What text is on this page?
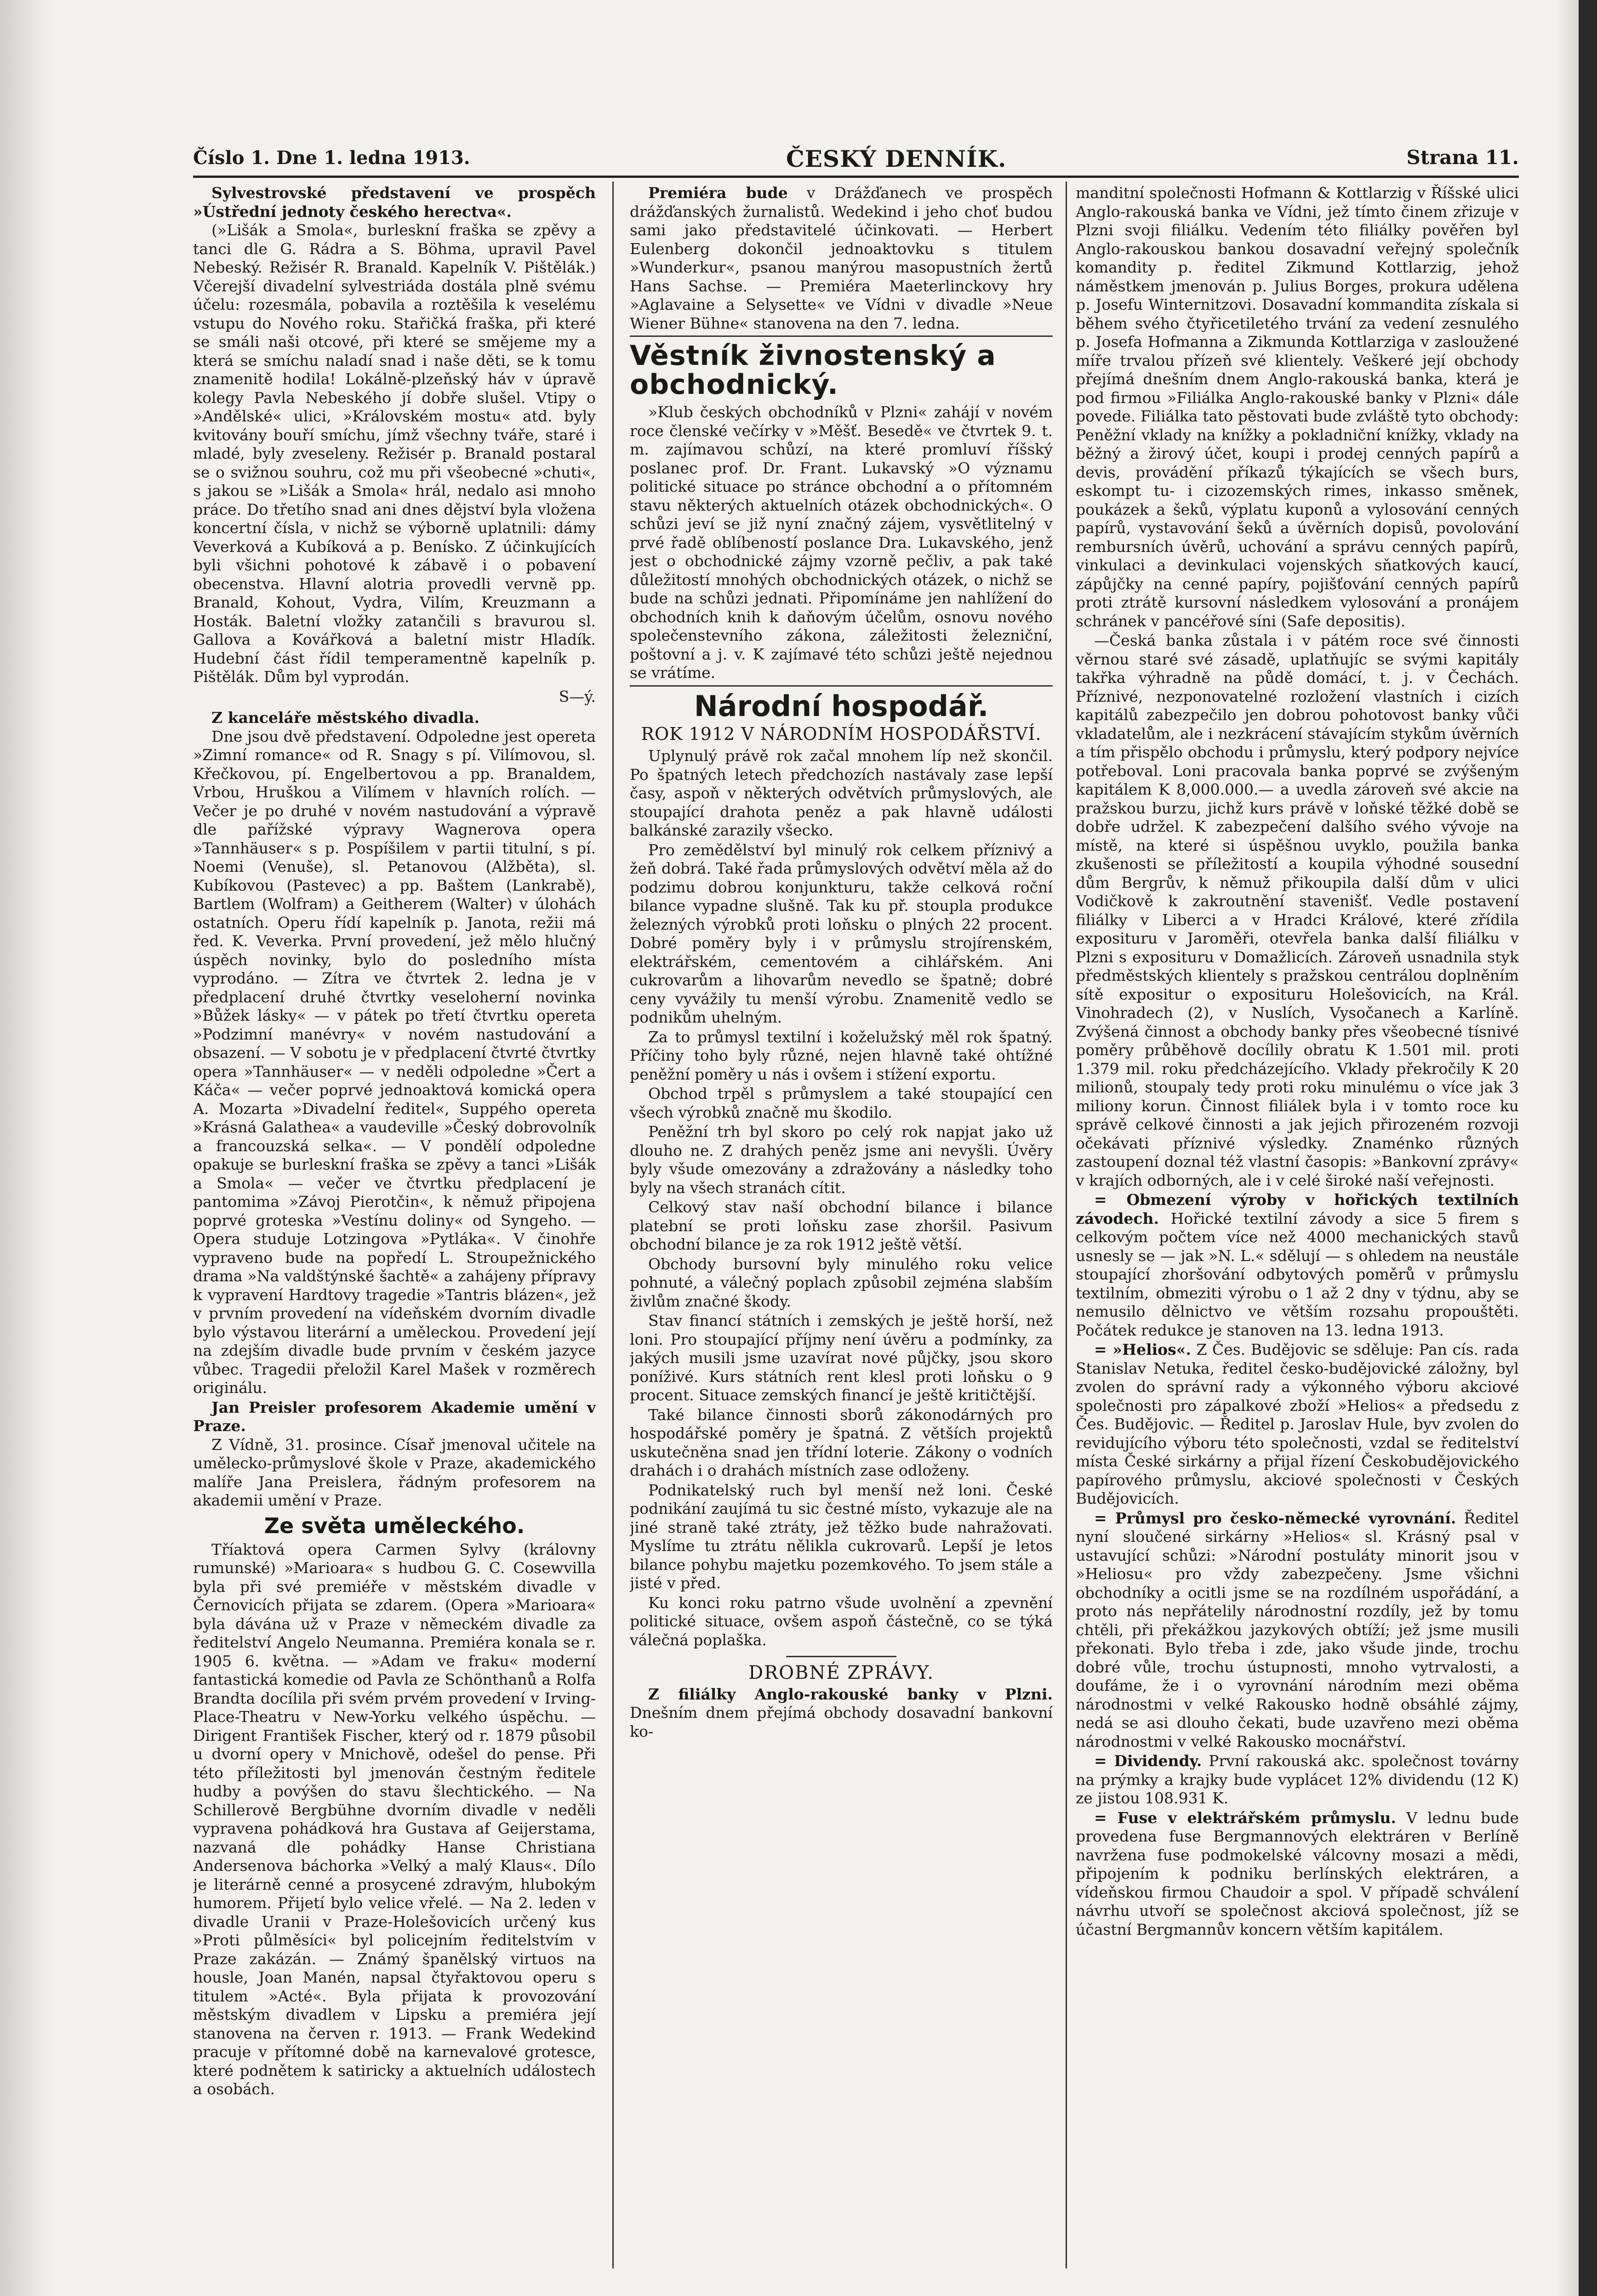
Číslo 1. Dne 1. ledna 1913.	ČESKÝ DENNÍK.	Strana 11.

Sylvestrovské představení ve prospěch »Ústřední jednoty českého herectva«.

(»Lišák a Smola«, burleskní fraška se zpěvy a tanci dle G. Rádra a S. Böhma, upravil Pavel Nebeský. Režisér R. Branald. Kapelník V. Pištělák.) Včerejší divadelní sylvestriáda dostála plně svému účelu: rozesmála, pobavila a roztěšila k veselému vstupu do Nového roku. Stařičká fraška, při které se smáli naši otcové, při které se smějeme my a která se smíchu naladí snad i naše děti, se k tomu znamenitě hodila! Lokálně-plzeňský háv v úpravě kolegy Pavla Nebeského jí dobře slušel. Vtipy o »Andělské« ulici, »Královském mostu« atd. byly kvitovány bouří smíchu, jímž všechny tváře, staré i mladé, byly zveseleny. Režisér p. Branald postaral se o svižnou souhru, což mu při všeobecné »chuti«, s jakou se »Lišák a Smola« hrál, nedalo asi mnoho práce. Do třetího snad ani dnes dějství byla vložena koncertní čísla, v nichž se výborně uplatnili: dámy Veverková a Kubíková a p. Benísko. Z účinkujících byli všichni pohotové k zábavě i o pobavení obecenstva. Hlavní alotria provedli vervně pp. Branald, Kohout, Vydra, Vilím, Kreuzmann a Hosták. Baletní vložky zatančili s bravurou sl. Gallova a Kovářková a baletní mistr Hladík. Hudební část řídil temperamentně kapelník p. Pištělák. Dům byl vyprodán.

S—ý.

Z kanceláře městského divadla.

Dne jsou dvě představení. Odpoledne jest opereta »Zimní romance« od R. Snagy s pí. Vilímovou, sl. Křečkovou, pí. Engelbertovou a pp. Branaldem, Vrbou, Hruškou a Vilímem v hlavních rolích. — Večer je po druhé v novém nastudování a výpravě dle pařížské výpravy Wagnerova opera »Tannhäuser« s p. Pospíšilem v partii titulní, s pí. Noemi (Venuše), sl. Petanovou (Alžběta), sl. Kubíkovou (Pastevec) a pp. Baštem (Lankrabě), Bartlem (Wolfram) a Geitherem (Walter) v úlohách ostatních. Operu řídí kapelník p. Janota, režii má řed. K. Veverka. První provedení, jež mělo hlučný úspěch novinky, bylo do posledního místa vyprodáno. — Zítra ve čtvrtek 2. ledna je v předplacení druhé čtvrtky veseloherní novinka »Bůžek lásky« — v pátek po třetí čtvrtku opereta »Podzimní manévry« v novém nastudování a obsazení. — V sobotu je v předplacení čtvrté čtvrtky opera »Tannhäuser« — v neděli odpoledne »Čert a Káča« — večer poprvé jednoaktová komická opera A. Mozarta »Divadelní ředitel«, Suppého opereta »Krásná Galathea« a vaudeville »Český dobrovolník a francouzská selka«. — V pondělí odpoledne opakuje se burleskní fraška se zpěvy a tanci »Lišák a Smola« — večer ve čtvrtku předplacení je pantomima »Závoj Pierotčin«, k němuž připojena poprvé groteska »Vestínu doliny« od Syngeho. — Opera studuje Lotzingova »Pytláka«. V činohře vypraveno bude na popředí L. Stroupežnického drama »Na valdštýnské šachtě« a zahájeny přípravy k vypravení Hardtovy tragedie »Tantris blázen«, jež v prvním provedení na vídeňském dvorním divadle bylo výstavou literární a uměleckou. Provedení její na zdejším divadle bude prvním v českém jazyce vůbec. Tragedii přeložil Karel Mašek v rozměrech originálu.

Jan Preisler profesorem Akademie umění v Praze.

Z Vídně, 31. prosince. Císař jmenoval učitele na umělecko-průmyslové škole v Praze, akademického malíře Jana Preislera, řádným profesorem na akademii umění v Praze.

Ze světa uměleckého.

Tříaktová opera Carmen Sylvy (královny rumunské) »Marioara« s hudbou G. C. Cosewvilla byla při své premiéře v městském divadle v Černovicích přijata se zdarem. (Opera »Marioara« byla dávána už v Praze v německém divadle za ředitelství Angelo Neumanna. Premiéra konala se r. 1905 6. května. — »Adam ve fraku« moderní fantastická komedie od Pavla ze Schönthanů a Rolfa Brandta docílila při svém prvém provedení v Irving-Place-Theatru v New-Yorku velkého úspěchu. — Dirigent František Fischer, který od r. 1879 působil u dvorní opery v Mnichově, odešel do pense. Při této příležitosti byl jmenován čestným ředitele hudby a povýšen do stavu šlechtického. — Na Schillerově Bergbühne dvorním divadle v neděli vypravena pohádková hra Gustava af Geijerstama, nazvaná dle pohádky Hanse Christiana Andersenova báchorka »Velký a malý Klaus«. Dílo je literárně cenné a prosycené zdravým, hlubokým humorem. Přijetí bylo velice vřelé. — Na 2. leden v divadle Uranii v Praze-Holešovicích určený kus »Proti půlměsíci« byl policejním ředitelstvím v Praze zakázán. — Známý španělský virtuos na housle, Joan Manén, napsal čtyřaktovou operu s titulem »Acté«. Byla přijata k provozování městským divadlem v Lipsku a premiéra její stanovena na červen r. 1913. — Frank Wedekind pracuje v přítomné době na karnevalové grotesce, které podnětem k satiricky a aktuelních událostech a osobách.

Premiéra bude v Drážďanech ve prospěch drážďanských žurnalistů. Wedekind i jeho choť budou sami jako představitelé účinkovati. — Herbert Eulenberg dokončil jednoaktovku s titulem »Wunderkur«, psanou manýrou masopustních žertů Hans Sachse. — Premiéra Maeterlinckovy hry »Aglavaine a Selysette« ve Vídni v divadle »Neue Wiener Bühne« stanovena na den 7. ledna.

Věstník živnostenský a obchodnický.

»Klub českých obchodníků v Plzni« zahájí v novém roce členské večírky v »Měšť. Besedě« ve čtvrtek 9. t. m. zajímavou schůzí, na které promluví říšský poslanec prof. Dr. Frant. Lukavský »O významu politické situace po stránce obchodní a o přítomném stavu některých aktuelních otázek obchodnických«. O schůzi jeví se již nyní značný zájem, vysvětlitelný v prvé řadě oblíbeností poslance Dra. Lukavského, jenž jest o obchodnické zájmy vzorně pečliv, a pak také důležitostí mnohých obchodnických otázek, o nichž se bude na schůzi jednati. Připomínáme jen nahlížení do obchodních knih k daňovým účelům, osnovu nového společenstevního zákona, záležitosti železniční, poštovní a j. v. K zajímavé této schůzi ještě nejednou se vrátíme.

Národní hospodář.
ROK 1912 V NÁRODNÍM HOSPODÁŘSTVÍ.

Uplynulý právě rok začal mnohem líp než skončil. Po špatných letech předchozích nastávaly zase lepší časy, aspoň v některých odvětvích průmyslových, ale stoupající drahota peněz a pak hlavně události balkánské zarazily všecko.

Pro zemědělství byl minulý rok celkem příznivý a žeň dobrá. Také řada průmyslových odvětví měla až do podzimu dobrou konjunkturu, takže celková roční bilance vypadne slušně. Tak ku př. stoupla produkce železných výrobků proti loňsku o plných 22 procent. Dobré poměry byly i v průmyslu strojírenském, elektrářském, cementovém a cihlářském. Ani cukrovarům a lihovarům nevedlo se špatně; dobré ceny vyvážily tu menší výrobu. Znamenitě vedlo se podnikům uhelným.

Za to průmysl textilní i koželužský měl rok špatný. Příčiny toho byly různé, nejen hlavně také ohtížné peněžní poměry u nás i ovšem i stížení exportu.

Obchod trpěl s průmyslem a také stoupající cen všech výrobků značně mu škodilo.

Peněžní trh byl skoro po celý rok napjat jako už dlouho ne. Z drahých peněz jsme ani nevyšli. Úvěry byly všude omezovány a zdražovány a následky toho byly na všech stranách cítit.

Celkový stav naší obchodní bilance i bilance platební se proti loňsku zase zhoršil. Pasivum obchodní bilance je za rok 1912 ještě větší.

Obchody bursovní byly minulého roku velice pohnuté, a válečný poplach způsobil zejména slabším živlům značné škody.

Stav financí státních i zemských je ještě horší, než loni. Pro stoupající příjmy není úvěru a podmínky, za jakých musili jsme uzavírat nové půjčky, jsou skoro poníživé. Kurs státních rent klesl proti loňsku o 9 procent. Situace zemských financí je ještě kritičtější.

Také bilance činnosti sborů zákonodárných pro hospodářské poměry je špatná. Z větších projektů uskutečněna snad jen třídní loterie. Zákony o vodních drahách i o drahách místních zase odloženy.

Podnikatelský ruch byl menší než loni. České podnikání zaujímá tu sic čestné místo, vykazuje ale na jiné straně také ztráty, jež těžko bude nahražovati. Myslíme tu ztrátu nělikla cukrovarů. Lepší je letos bilance pohybu majetku pozemkového. To jsem stále a jisté v před.

Ku konci roku patrno všude uvolnění a zpevnění politické situace, ovšem aspoň částečně, co se týká válečná poplaška.

DROBNÉ ZPRÁVY.

Z filiálky Anglo-rakouské banky v Plzni. Dnešním dnem přejímá obchody dosavadní bankovní ko-

manditní společnosti Hofmann & Kottlarzig v Říšské ulici Anglo-rakouská banka ve Vídni, jež tímto činem zřizuje v Plzni svoji filiálku. Vedením této filiálky pověřen byl Anglo-rakouskou bankou dosavadní veřejný společník komandity p. ředitel Zikmund Kottlarzig, jehož náměstkem jmenován p. Julius Borges, prokura udělena p. Josefu Winternitzovi. Dosavadní kommandita získala si během svého čtyřicetiletého trvání za vedení zesnulého p. Josefa Hofmanna a Zikmunda Kottlarziga v zasloužené míře trvalou přízeň své klientely. Veškeré její obchody přejímá dnešním dnem Anglo-rakouská banka, která je pod firmou »Filiálka Anglo-rakouské banky v Plzni« dále povede. Filiálka tato pěstovati bude zvláště tyto obchody: Peněžní vklady na knížky a pokladniční knížky, vklady na běžný a žirový účet, koupi i prodej cenných papírů a devis, provádění příkazů týkajících se všech burs, eskompt tu- i cizozemských rimes, inkasso směnek, poukázek a šeků, výplatu kuponů a vylosování cenných papírů, vystavování šeků a úvěrních dopisů, povolování rembursních úvěrů, uchování a správu cenných papírů, vinkulaci a devinkulaci vojenských sňatkových kaucí, zápůjčky na cenné papíry, pojišťování cenných papírů proti ztrátě kursovní následkem vylosování a pronájem schránek v pancéřové síni (Safe depositis).

—Česká banka zůstala i v pátém roce své činnosti věrnou staré své zásadě, uplatňujíc se svými kapitály takřka výhradně na půdě domácí, t. j. v Čechách. Příznivé, nezponovatelné rozložení vlastních i cizích kapitálů zabezpečilo jen dobrou pohotovost banky vůči vkladatelům, ale i nezkrácení stávajícím stykům úvěrních a tím přispělo obchodu i průmyslu, který podpory nejvíce potřeboval. Loni pracovala banka poprvé se zvýšeným kapitálem K 8,000.000.— a uvedla zároveň své akcie na pražskou burzu, jichž kurs právě v loňské těžké době se dobře udržel. K zabezpečení dalšího svého vývoje na místě, na které si úspěšnou uvyklo, použila banka zkušenosti se příležitostí a koupila výhodné sousední dům Bergrův, k němuž přikoupila další dům v ulici Vodičkově k zakroutnění stavenišť. Vedle postavení filiálky v Liberci a v Hradci Králové, které zřídila exposituru v Jaroměři, otevřela banka další filiálku v Plzni s exposituru v Domažlicích. Zároveň usnadnila styk předměstských klientely s pražskou centrálou doplněním sítě expositur o exposituru Holešovicích, na Král. Vinohradech (2), v Nuslích, Vysočanech a Karlíně. Zvýšená činnost a obchody banky přes všeobecné tísnivé poměry průběhově docílily obratu K 1.501 mil. proti 1.379 mil. roku předcházejícího. Vklady překročily K 20 milionů, stoupaly tedy proti roku minulému o více jak 3 miliony korun. Činnost filiálek byla i v tomto roce ku správě celkové činnosti a jak jejich přirozeném rozvoji očekávati příznivé výsledky. Znaménko různých zastoupení doznal též vlastní časopis: »Bankovní zprávy« v krajích odborných, ale i v celé široké naší veřejnosti.

= Obmezení výroby v hořických textilních závodech. Hořické textilní závody a sice 5 firem s celkovým počtem více než 4000 mechanických stavů usnesly se — jak »N. L.« sdělují — s ohledem na neustále stoupající zhoršování odbytových poměrů v průmyslu textilním, obmeziti výrobu o 1 až 2 dny v týdnu, aby se nemusilo dělnictvo ve větším rozsahu propouštěti. Počátek redukce je stanoven na 13. ledna 1913.

= »Helios«. Z Čes. Budějovic se sděluje: Pan cís. rada Stanislav Netuka, ředitel česko-budějovické záložny, byl zvolen do správní rady a výkonného výboru akciové společnosti pro zápalkové zboží »Helios« a předsedu z Čes. Budějovic. — Ředitel p. Jaroslav Hule, byv zvolen do revidujícího výboru této společnosti, vzdal se ředitelství místa České sirkárny a přijal řízení Českobudějovického papírového průmyslu, akciové společnosti v Českých Budějovicích.

= Průmysl pro česko-německé vyrovnání. Ředitel nyní sloučené sirkárny »Helios« sl. Krásný psal v ustavující schůzi: »Národní postuláty minorit jsou v »Heliosu« pro vždy zabezpečeny. Jsme všichni obchodníky a ocitli jsme se na rozdílném uspořádání, a proto nás nepřátelily národnostní rozdíly, jež by tomu chtěli, při překážkou jazykových obtíží; jež jsme musili překonati. Bylo třeba i zde, jako všude jinde, trochu dobré vůle, trochu ústupnosti, mnoho vytrvalosti, a doufáme, že i o vyrovnání národním mezi oběma národnostmi v velké Rakousko hodně obsáhlé zájmy, nedá se asi dlouho čekati, bude uzavřeno mezi oběma národnostmi v velké Rakousko mocnářství.

= Dividendy. První rakouská akc. společnost továrny na prýmky a krajky bude vyplácet 12% dividendu (12 K) ze jistou 108.931 K.

= Fuse v elektrářském průmyslu. V lednu bude provedena fuse Bergmannových elektráren v Berlíně navržena fuse podmokelské válcovny mosazi a mědi, připojením k podniku berlínských elektráren, a vídeňskou firmou Chaudoir a spol. V případě schválení návrhu utvoří se společnost akciová společnost, jíž se účastní Bergmannův koncern větším kapitálem.
